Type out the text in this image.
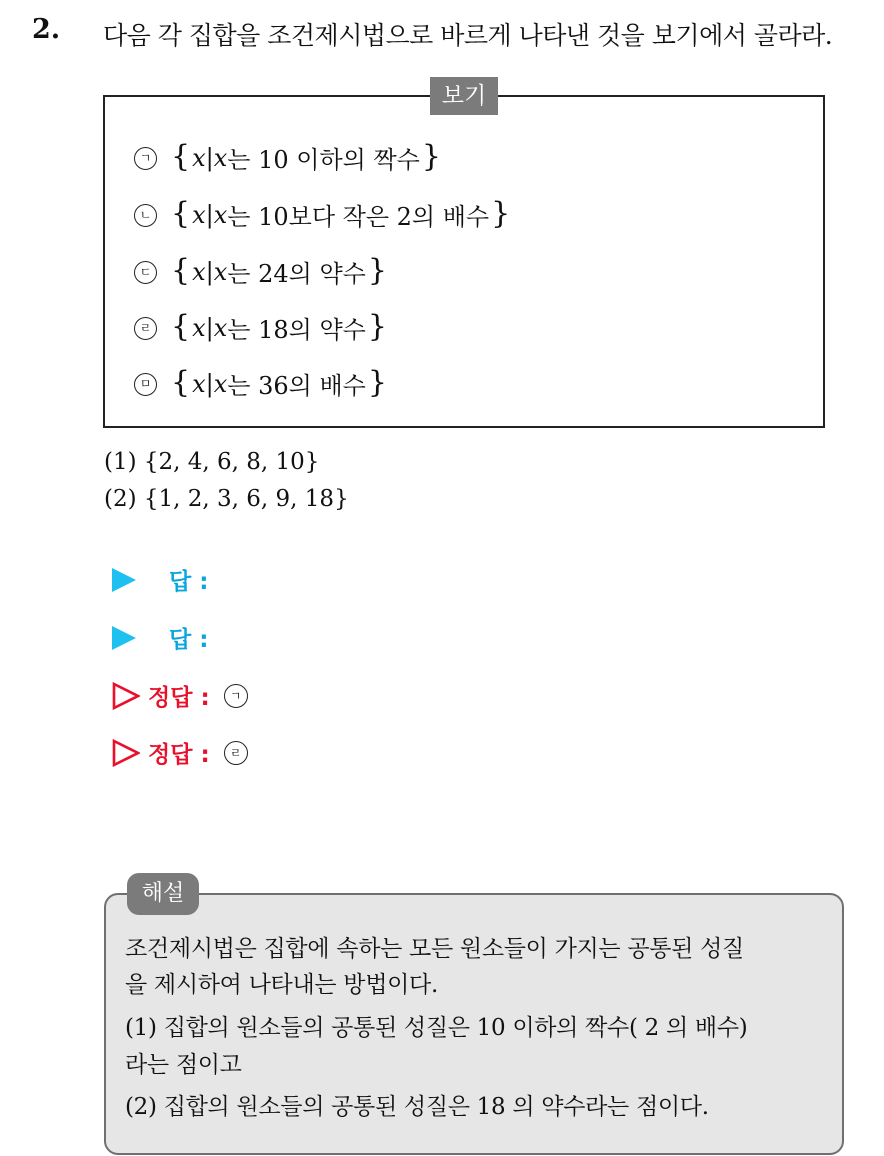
2. 다음 각 집합을 조건제시법으로 바르게 나타낸 것을 보기에서 골라라.
보기
ㄱ { x | x 는 10 이하의 짝수 }
ㄴ { x | x 는 10보다 작은 2의 배수 }
ㄷ { x | x 는 24의 약수 }
ㄹ { x | x 는 18의 약수 }
ㅁ { x | x 는 36의 배수 }
(1) {2, 4, 6, 8, 10}
(2) {1, 2, 3, 6, 9, 18}
답 :
답 :
정답 :	ㄱ
정답 :	ㄹ
해설
조건제시법은 집합에 속하는 모든 원소들이 가지는 공통된 성질
을 제시하여 나타내는 방법이다.
(1) 집합의 원소들의 공통된 성질은 10 이하의 짝수( 2 의 배수)
라는 점이고
(2) 집합의 원소들의 공통된 성질은 18 의 약수라는 점이다.
